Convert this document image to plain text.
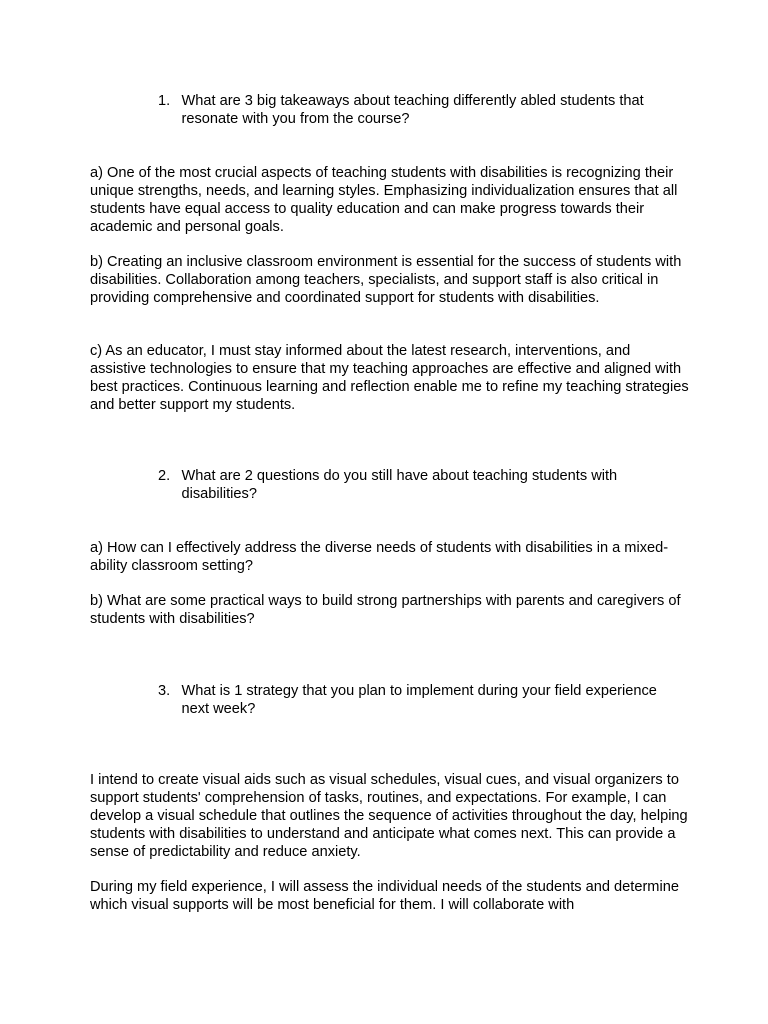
1. What are 3 big takeaways about teaching differently abled students that resonate with you from the course?

a) One of the most crucial aspects of teaching students with disabilities is recognizing their unique strengths, needs, and learning styles. Emphasizing individualization ensures that all students have equal access to quality education and can make progress towards their academic and personal goals.

b) Creating an inclusive classroom environment is essential for the success of students with disabilities. Collaboration among teachers, specialists, and support staff is also critical in providing comprehensive and coordinated support for students with disabilities.

c) As an educator, I must stay informed about the latest research, interventions, and assistive technologies to ensure that my teaching approaches are effective and aligned with best practices. Continuous learning and reflection enable me to refine my teaching strategies and better support my students.

2. What are 2 questions do you still have about teaching students with disabilities?

a) How can I effectively address the diverse needs of students with disabilities in a mixed-ability classroom setting?

b) What are some practical ways to build strong partnerships with parents and caregivers of students with disabilities?

3. What is 1 strategy that you plan to implement during your field experience next week?

I intend to create visual aids such as visual schedules, visual cues, and visual organizers to support students' comprehension of tasks, routines, and expectations. For example, I can develop a visual schedule that outlines the sequence of activities throughout the day, helping students with disabilities to understand and anticipate what comes next. This can provide a sense of predictability and reduce anxiety.

During my field experience, I will assess the individual needs of the students and determine which visual supports will be most beneficial for them. I will collaborate with
